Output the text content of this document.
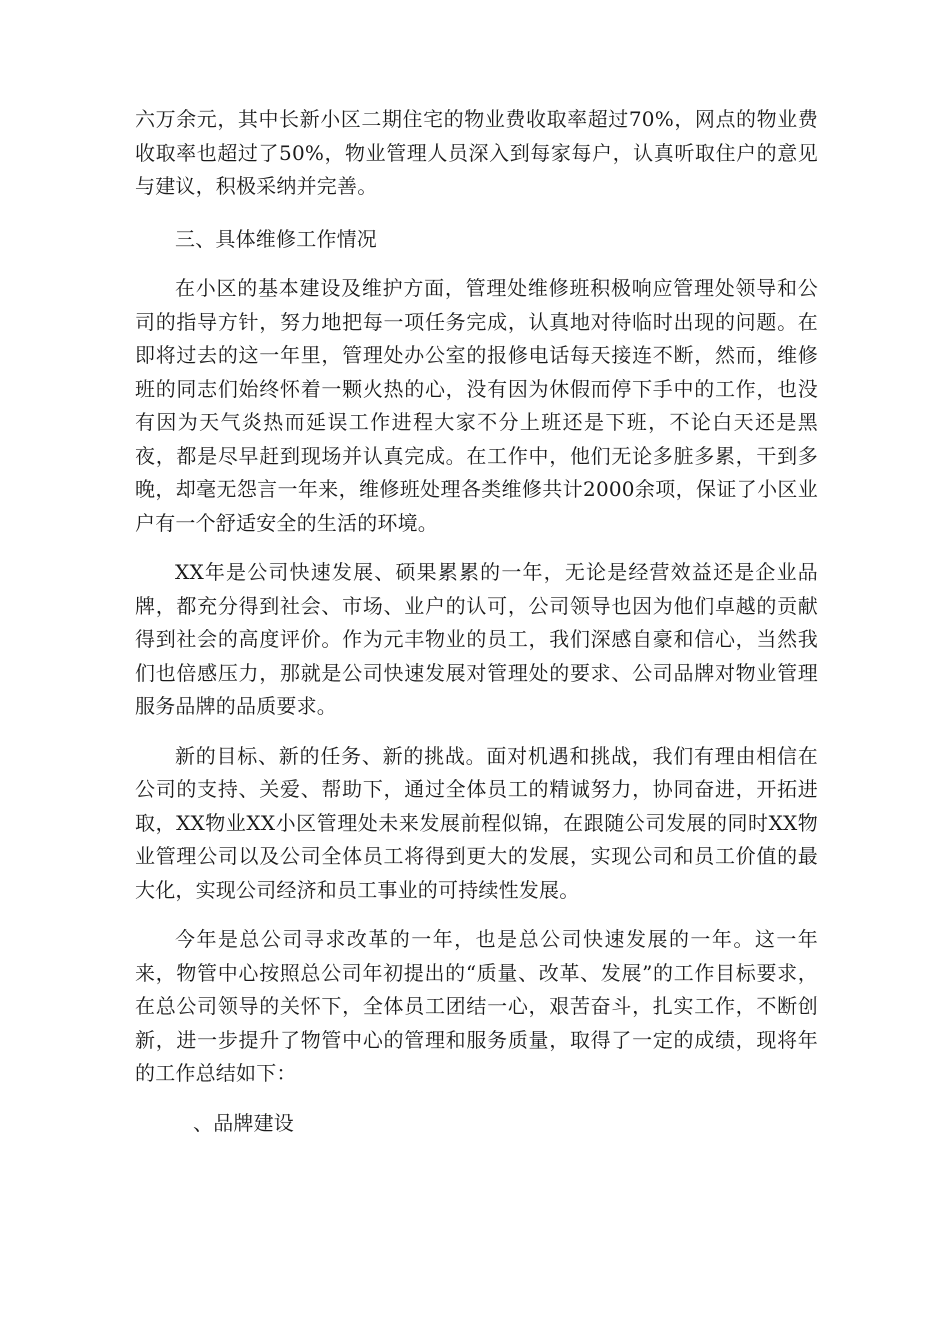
六万余元，其中长新小区二期住宅的物业费收取率超过70%，网点的物业费收取率也超过了50%，物业管理人员深入到每家每户，认真听取住户的意见与建议，积极采纳并完善。

三、具体维修工作情况

在小区的基本建设及维护方面，管理处维修班积极响应管理处领导和公司的指导方针，努力地把每一项任务完成，认真地对待临时出现的问题。在即将过去的这一年里，管理处办公室的报修电话每天接连不断，然而，维修班的同志们始终怀着一颗火热的心，没有因为休假而停下手中的工作，也没有因为天气炎热而延误工作进程大家不分上班还是下班，不论白天还是黑夜，都是尽早赶到现场并认真完成。在工作中，他们无论多脏多累，干到多晚，却毫无怨言一年来，维修班处理各类维修共计2000余项，保证了小区业户有一个舒适安全的生活的环境。

XX年是公司快速发展、硕果累累的一年，无论是经营效益还是企业品牌，都充分得到社会、市场、业户的认可，公司领导也因为他们卓越的贡献得到社会的高度评价。作为元丰物业的员工，我们深感自豪和信心，当然我们也倍感压力，那就是公司快速发展对管理处的要求、公司品牌对物业管理服务品牌的品质要求。

新的目标、新的任务、新的挑战。面对机遇和挑战，我们有理由相信在公司的支持、关爱、帮助下，通过全体员工的精诚努力，协同奋进，开拓进取，XX物业XX小区管理处未来发展前程似锦，在跟随公司发展的同时XX物业管理公司以及公司全体员工将得到更大的发展，实现公司和员工价值的最大化，实现公司经济和员工事业的可持续性发展。

今年是总公司寻求改革的一年，也是总公司快速发展的一年。这一年来，物管中心按照总公司年初提出的“质量、改革、发展”的工作目标要求，在总公司领导的关怀下，全体员工团结一心，艰苦奋斗，扎实工作，不断创新，进一步提升了物管中心的管理和服务质量，取得了一定的成绩，现将年的工作总结如下：

、品牌建设
